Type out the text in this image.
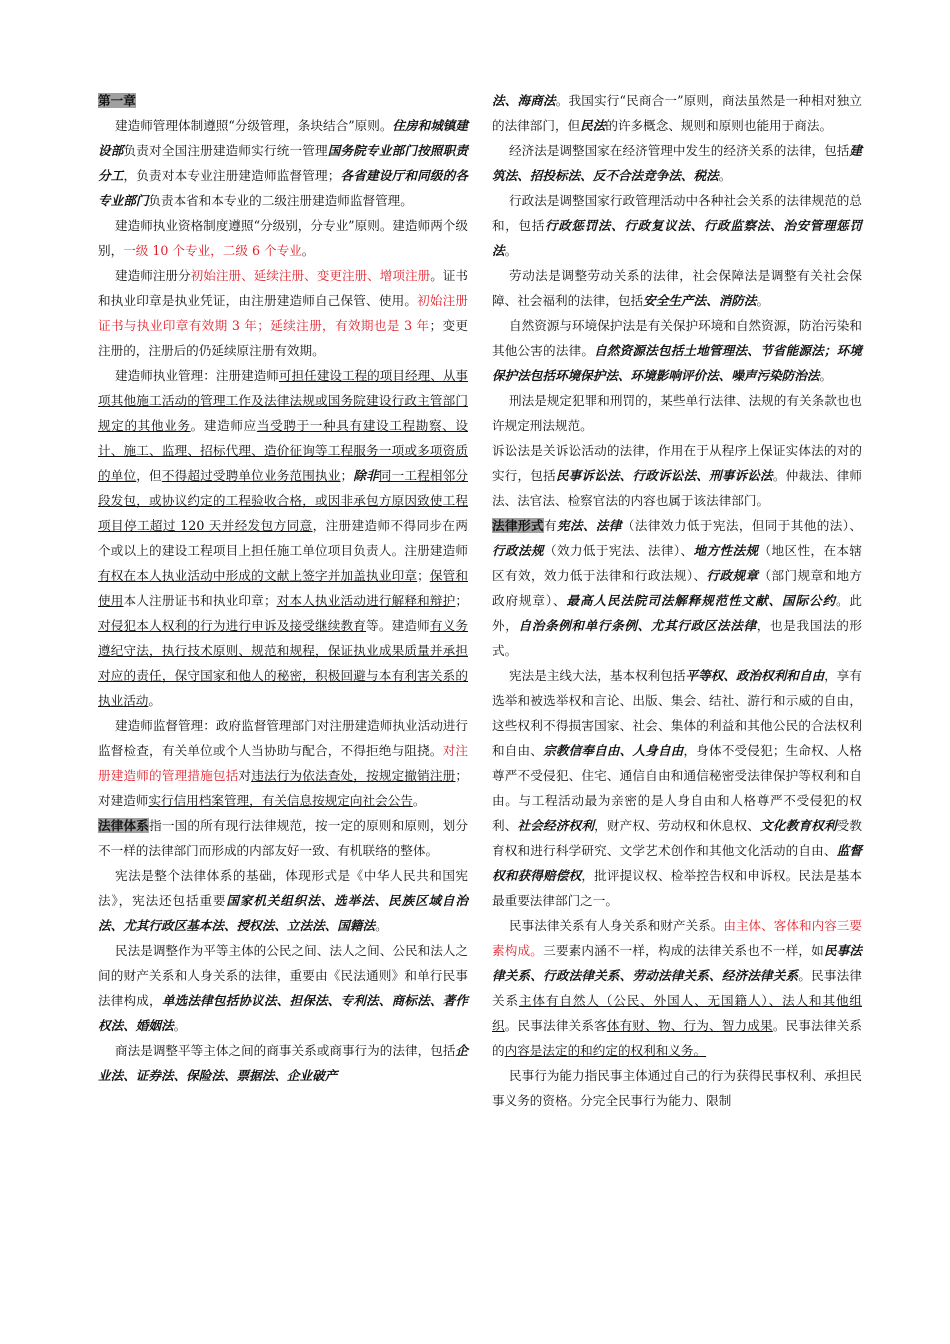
第一章

建造师管理体制遵照“分级管理，条块结合”原则。住房和城镇建设部负责对全国注册建造师实行统一管理国务院专业部门按照职责分工，负责对本专业注册建造师监督管理；各省建设厅和同级的各专业部门负责本省和本专业的二级注册建造师监督管理。

建造师执业资格制度遵照“分级别，分专业”原则。建造师两个级别，一级 10 个专业，二级 6 个专业。

建造师注册分初始注册、延续注册、变更注册、增项注册。证书和执业印章是执业凭证，由注册建造师自己保管、使用。初始注册证书与执业印章有效期 3 年；延续注册，有效期也是 3 年；变更注册的，注册后的仍延续原注册有效期。

建造师执业管理：注册建造师可担任建设工程的项目经理、从事项其他施工活动的管理工作及法律法规或国务院建设行政主管部门规定的其他业务。建造师应当受聘于一种具有建设工程勘察、设计、施工、监理、招标代理、造价征询等工程服务一项或多项资质的单位，但不得超过受聘单位业务范围执业；除非同一工程相邻分段发包，或协议约定的工程验收合格，或因非承包方原因致使工程项目停工超过 120 天并经发包方同意，注册建造师不得同步在两个或以上的建设工程项目上担任施工单位项目负责人。注册建造师有权在本人执业活动中形成的文献上签字并加盖执业印章；保管和使用本人注册证书和执业印章；对本人执业活动进行解释和辩护；对侵犯本人权利的行为进行申诉及接受继续教育等。建造师有义务遵纪守法，执行技术原则、规范和规程，保证执业成果质量并承担对应的责任，保守国家和他人的秘密，积极回避与本有利害关系的执业活动。

建造师监督管理：政府监督管理部门对注册建造师执业活动进行监督检查，有关单位或个人当协助与配合，不得拒绝与阻挠。对注册建造师的管理措施包括对违法行为依法查处，按规定撤销注册；对建造师实行信用档案管理，有关信息按规定向社会公告。

法律体系指一国的所有现行法律规范，按一定的原则和原则，划分不一样的法律部门而形成的内部友好一致、有机联络的整体。

宪法是整个法律体系的基础，体现形式是《中华人民共和国宪法》，宪法还包括重要国家机关组织法、选举法、民族区域自治法、尤其行政区基本法、授权法、立法法、国籍法。

民法是调整作为平等主体的公民之间、法人之间、公民和法人之间的财产关系和人身关系的法律，重要由《民法通则》和单行民事法律构成，单选法律包括协议法、担保法、专利法、商标法、著作权法、婚姻法。

商法是调整平等主体之间的商事关系或商事行为的法律，包括企业法、证券法、保险法、票据法、企业破产

法、海商法。我国实行“民商合一”原则，商法虽然是一种相对独立的法律部门，但民法的许多概念、规则和原则也能用于商法。

经济法是调整国家在经济管理中发生的经济关系的法律，包括建筑法、招投标法、反不合法竞争法、税法。

行政法是调整国家行政管理活动中各种社会关系的法律规范的总和，包括行政惩罚法、行政复议法、行政监察法、治安管理惩罚法。

劳动法是调整劳动关系的法律，社会保障法是调整有关社会保障、社会福利的法律，包括安全生产法、消防法。

自然资源与环境保护法是有关保护环境和自然资源，防治污染和其他公害的法律。自然资源法包括土地管理法、节省能源法；环境保护法包括环境保护法、环境影响评价法、噪声污染防治法。

刑法是规定犯罪和刑罚的，某些单行法律、法规的有关条款也也许规定刑法规范。

诉讼法是关诉讼活动的法律，作用在于从程序上保证实体法的对的实行，包括民事诉讼法、行政诉讼法、刑事诉讼法。仲裁法、律师法、法官法、检察官法的内容也属于该法律部门。

法律形式有宪法、法律（法律效力低于宪法，但同于其他的法）、行政法规（效力低于宪法、法律）、地方性法规（地区性，在本辖区有效，效力低于法律和行政法规）、行政规章（部门规章和地方政府规章）、最高人民法院司法解释规范性文献、国际公约。此外，自治条例和单行条例、尤其行政区法法律，也是我国法的形式。

宪法是主线大法，基本权利包括平等权、政治权利和自由，享有选举和被选举权和言论、出版、集会、结社、游行和示威的自由，这些权利不得损害国家、社会、集体的利益和其他公民的合法权利和自由、宗教信奉自由、人身自由，身体不受侵犯；生命权、人格尊严不受侵犯、住宅、通信自由和通信秘密受法律保护等权利和自由。与工程活动最为亲密的是人身自由和人格尊严不受侵犯的权利、社会经济权利，财产权、劳动权和休息权、文化教育权利受教育权和进行科学研究、文学艺术创作和其他文化活动的自由、监督权和获得赔偿权，批评提议权、检举控告权和申诉权。民法是基本最重要法律部门之一。

民事法律关系有人身关系和财产关系。由主体、客体和内容三要素构成。三要素内涵不一样，构成的法律关系也不一样，如民事法律关系、行政法律关系、劳动法律关系、经济法律关系。民事法律关系主体有自然人（公民、外国人、无国籍人）、法人和其他组织。民事法律关系客体有财、物、行为、智力成果。民事法律关系的内容是法定的和约定的权利和义务。

民事行为能力指民事主体通过自己的行为获得民事权利、承担民事义务的资格。分完全民事行为能力、限制
